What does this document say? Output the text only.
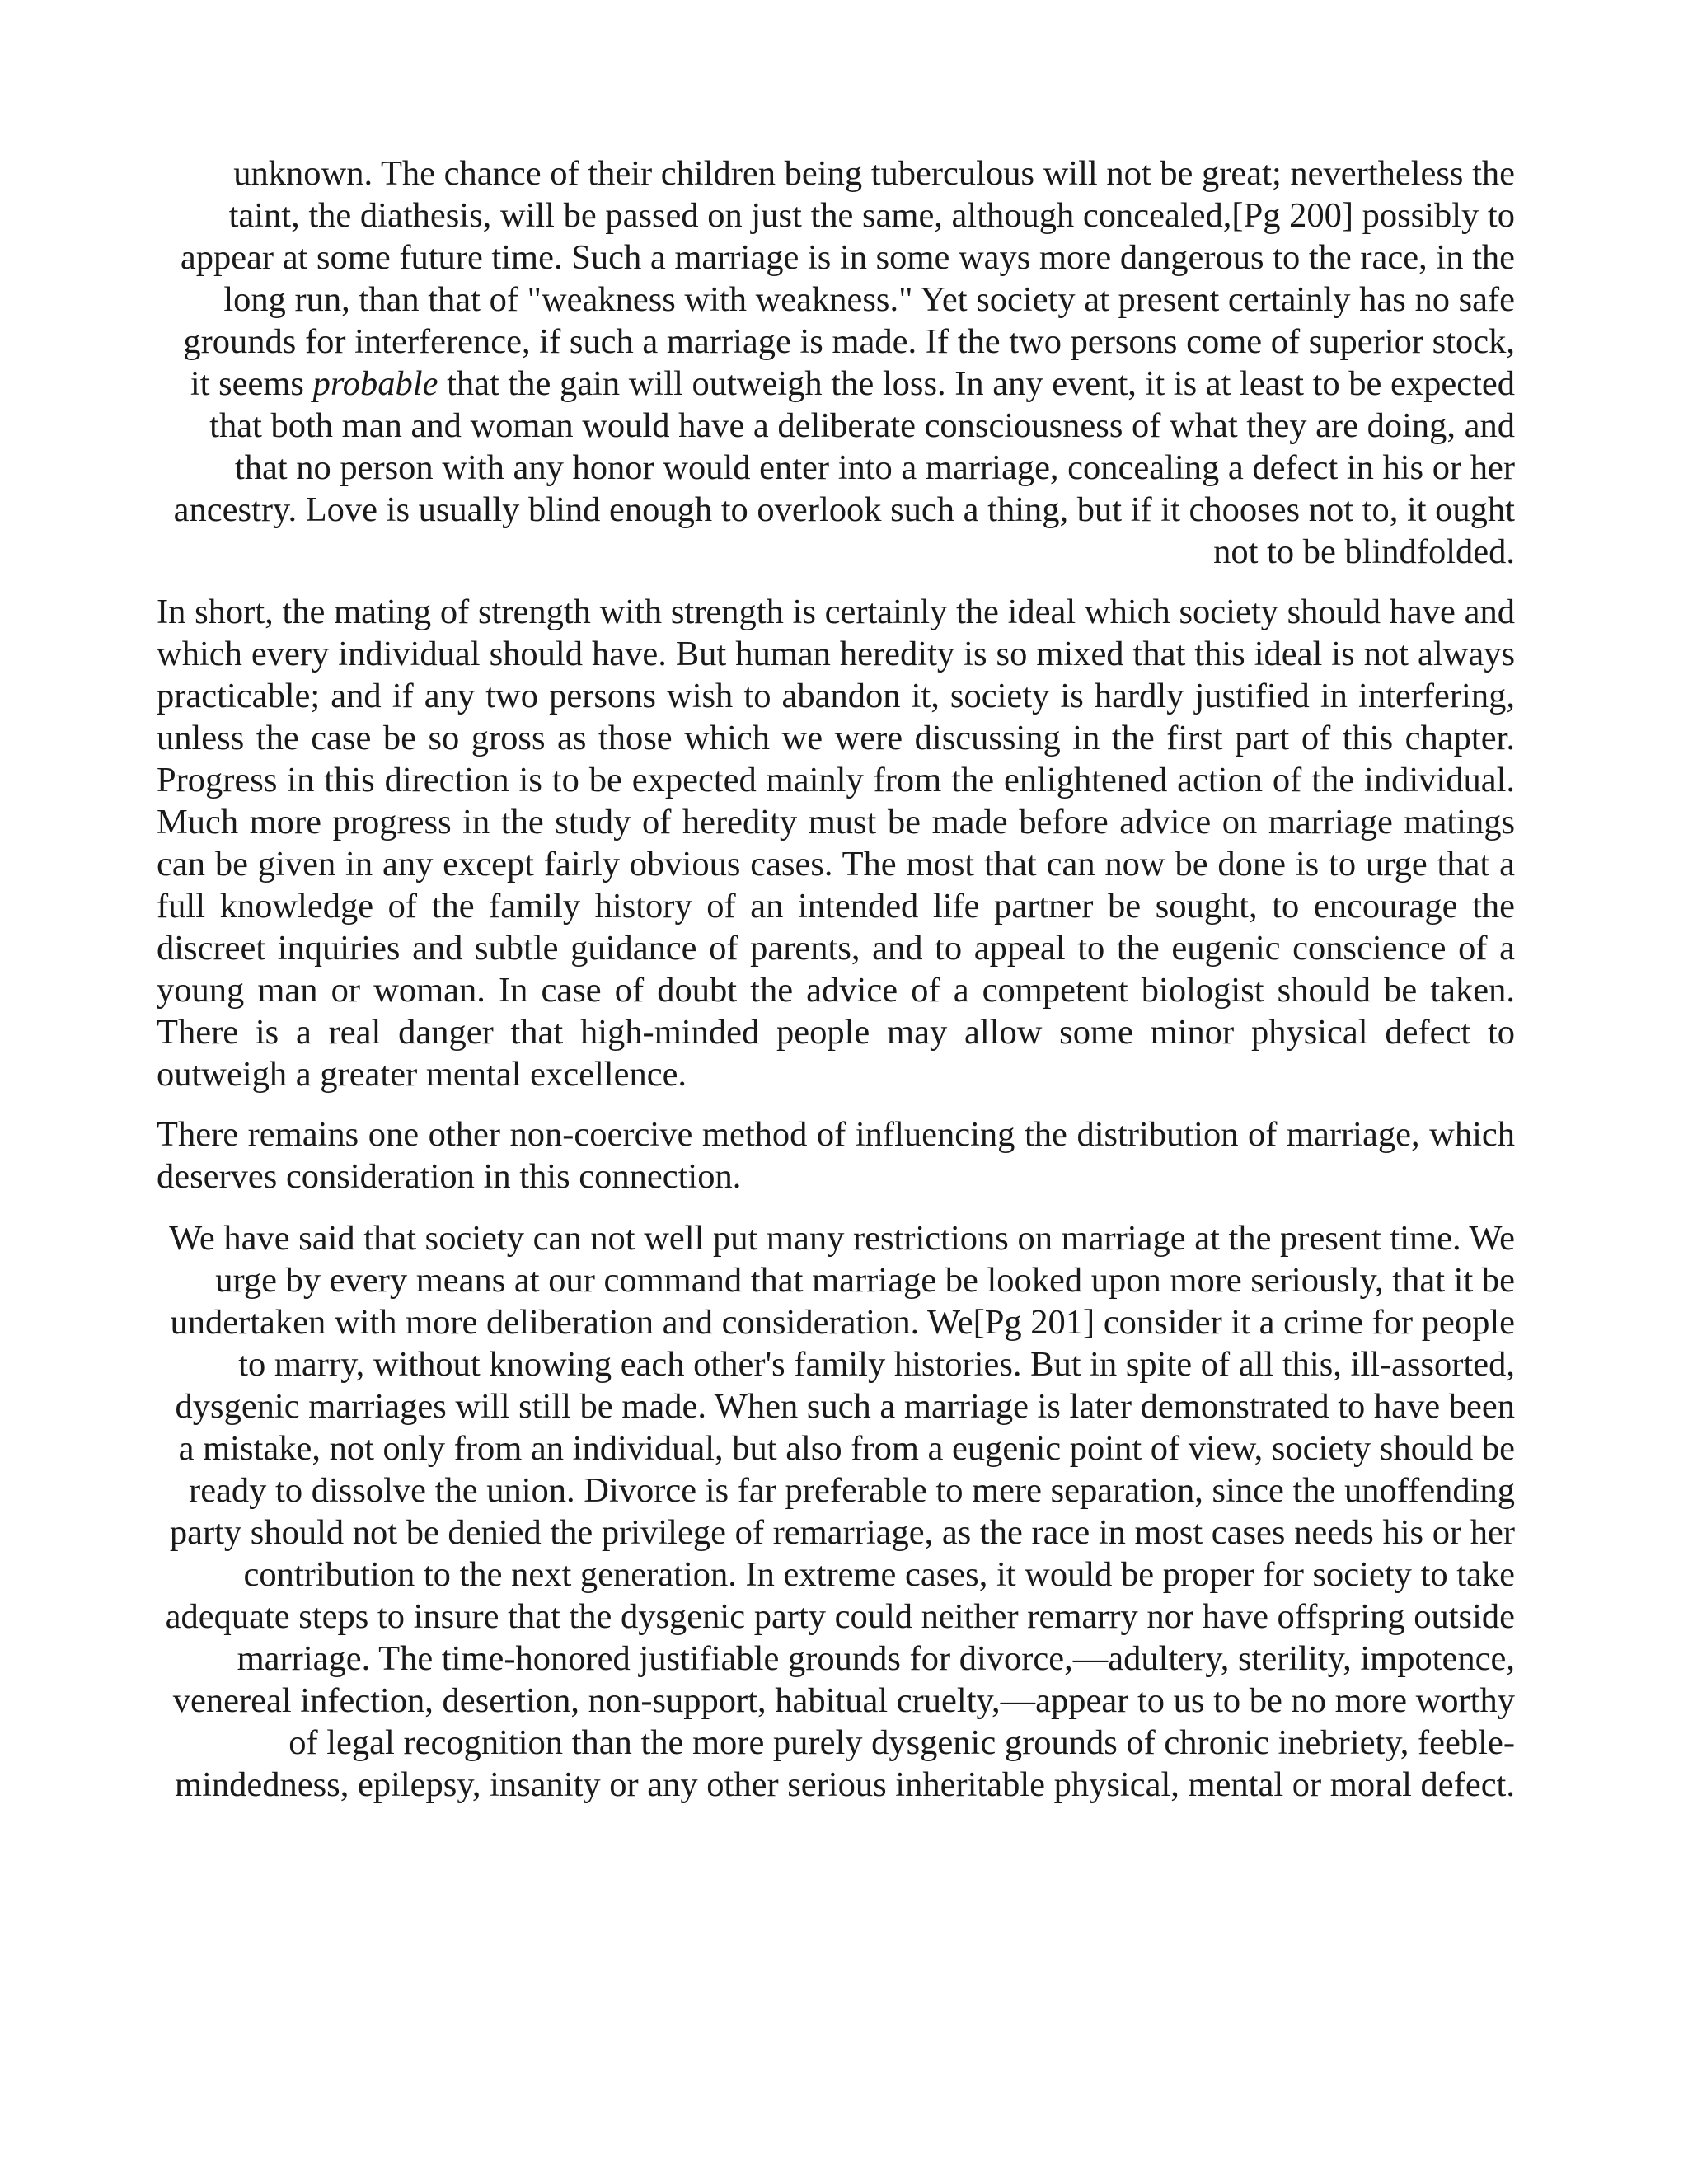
unknown. The chance of their children being tuberculous will not be great; nevertheless the taint, the diathesis, will be passed on just the same, although concealed,[Pg 200] possibly to appear at some future time. Such a marriage is in some ways more dangerous to the race, in the long run, than that of "weakness with weakness." Yet society at present certainly has no safe grounds for interference, if such a marriage is made. If the two persons come of superior stock, it seems probable that the gain will outweigh the loss. In any event, it is at least to be expected that both man and woman would have a deliberate consciousness of what they are doing, and that no person with any honor would enter into a marriage, concealing a defect in his or her ancestry. Love is usually blind enough to overlook such a thing, but if it chooses not to, it ought not to be blindfolded.

In short, the mating of strength with strength is certainly the ideal which society should have and which every individual should have. But human heredity is so mixed that this ideal is not always practicable; and if any two persons wish to abandon it, society is hardly justified in interfering, unless the case be so gross as those which we were discussing in the first part of this chapter. Progress in this direction is to be expected mainly from the enlightened action of the individual. Much more progress in the study of heredity must be made before advice on marriage matings can be given in any except fairly obvious cases. The most that can now be done is to urge that a full knowledge of the family history of an intended life partner be sought, to encourage the discreet inquiries and subtle guidance of parents, and to appeal to the eugenic conscience of a young man or woman. In case of doubt the advice of a competent biologist should be taken. There is a real danger that high-minded people may allow some minor physical defect to outweigh a greater mental excellence.

There remains one other non-coercive method of influencing the distribution of marriage, which deserves consideration in this connection.

We have said that society can not well put many restrictions on marriage at the present time. We urge by every means at our command that marriage be looked upon more seriously, that it be undertaken with more deliberation and consideration. We[Pg 201] consider it a crime for people to marry, without knowing each other's family histories. But in spite of all this, ill-assorted, dysgenic marriages will still be made. When such a marriage is later demonstrated to have been a mistake, not only from an individual, but also from a eugenic point of view, society should be ready to dissolve the union. Divorce is far preferable to mere separation, since the unoffending party should not be denied the privilege of remarriage, as the race in most cases needs his or her contribution to the next generation. In extreme cases, it would be proper for society to take adequate steps to insure that the dysgenic party could neither remarry nor have offspring outside marriage. The time-honored justifiable grounds for divorce,—adultery, sterility, impotence, venereal infection, desertion, non-support, habitual cruelty,—appear to us to be no more worthy of legal recognition than the more purely dysgenic grounds of chronic inebriety, feeble-mindedness, epilepsy, insanity or any other serious inheritable physical, mental or moral defect.
